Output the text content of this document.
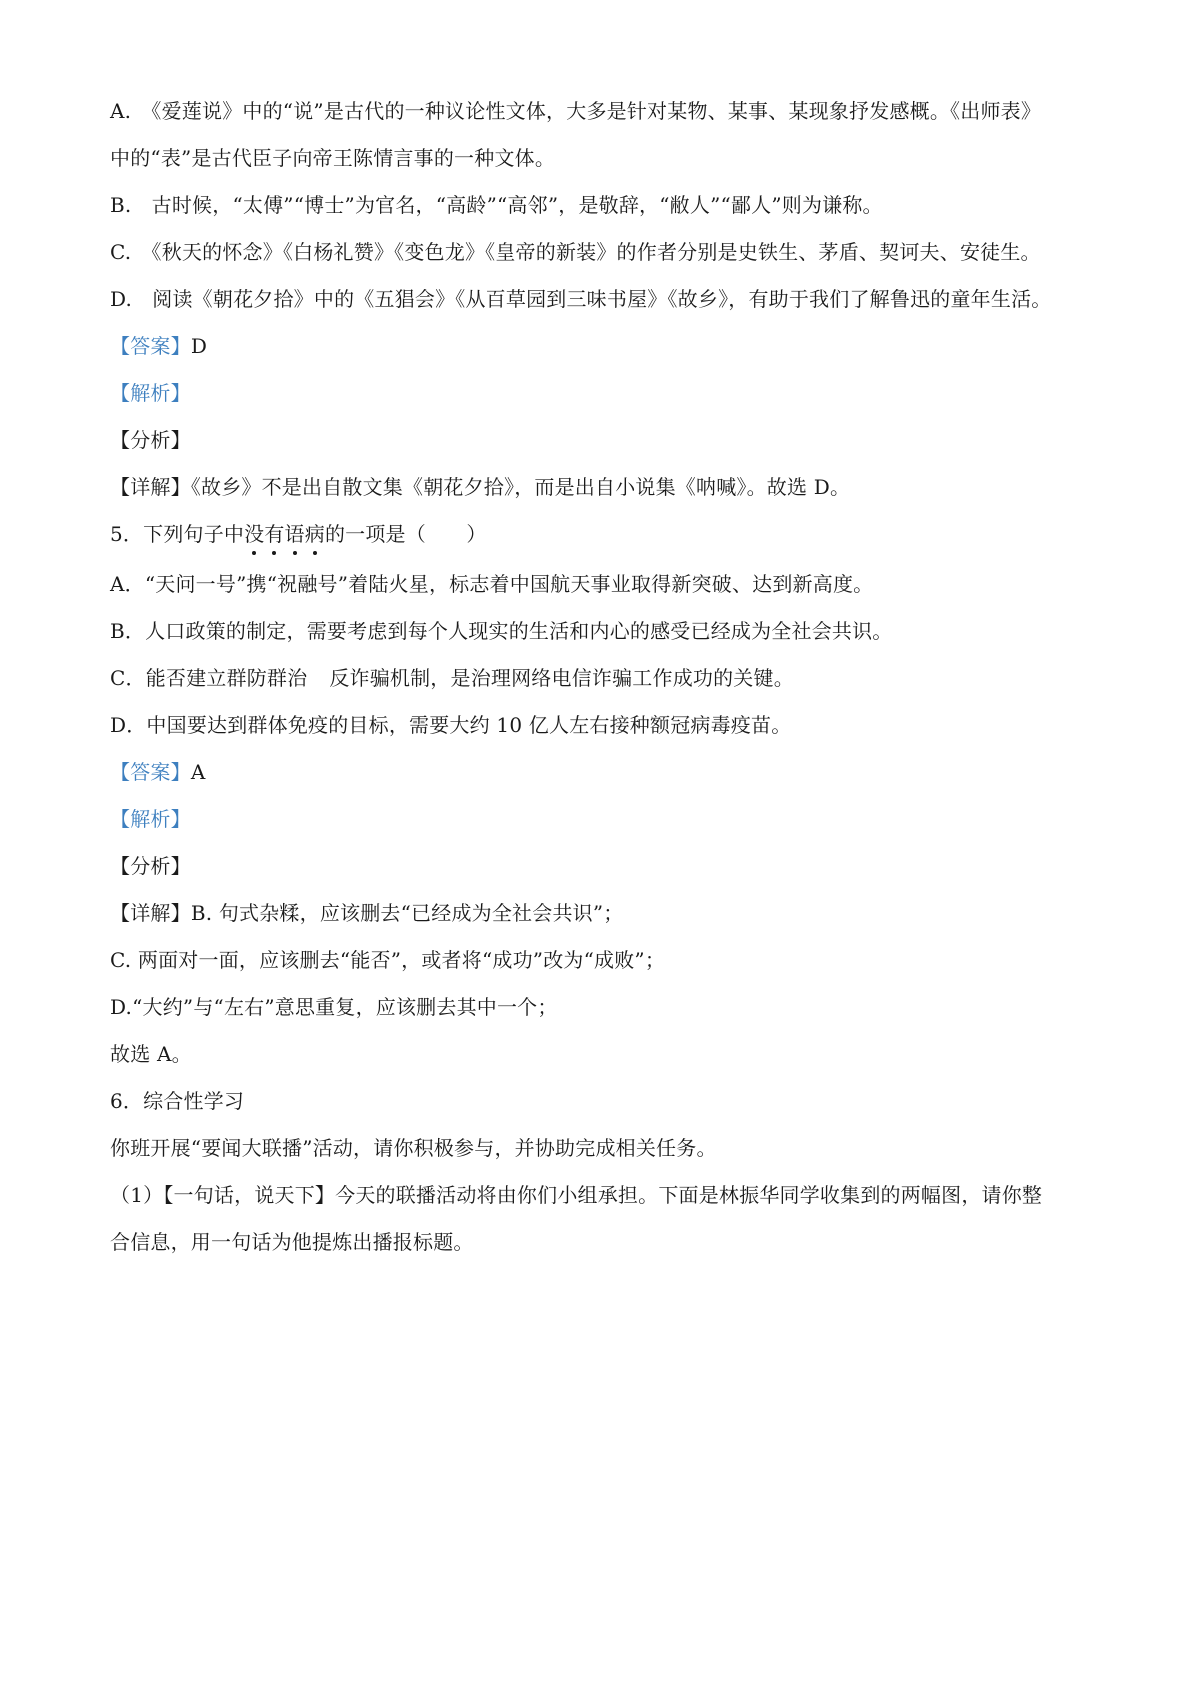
A.　《爱莲说》中的“说”是古代的一种议论性文体，大多是针对某物、某事、某现象抒发感概。《出师表》
中的“表”是古代臣子向帝王陈情言事的一种文体。
B.　古时候，“太傅”“博士”为官名，“高龄”“高邻”，是敬辞，“敝人”“鄙人”则为谦称。
C.　《秋天的怀念》《白杨礼赞》《变色龙》《皇帝的新装》的作者分别是史铁生、茅盾、契诃夫、安徒生。
D.　阅读《朝花夕拾》中的《五猖会》《从百草园到三味书屋》《故乡》，有助于我们了解鲁迅的童年生活。
【答案】D
【解析】
【分析】
【详解】《故乡》不是出自散文集《朝花夕拾》，而是出自小说集《呐喊》。故选 D。
5．下列句子中没有语病的一项是（　　）
A．“天问一号”携“祝融号”着陆火星，标志着中国航天事业取得新突破、达到新高度。
B．人口政策的制定，需要考虑到每个人现实的生活和内心的感受已经成为全社会共识。
C．能否建立群防群治 反诈骗机制，是治理网络电信诈骗工作成功的关键。
D．中国要达到群体免疫的目标，需要大约 10 亿人左右接种额冠病毒疫苗。
【答案】A
【解析】
【分析】
【详解】B. 句式杂糅，应该删去“已经成为全社会共识”；
C. 两面对一面，应该删去“能否”，或者将“成功”改为“成败”；
D.“大约”与“左右”意思重复，应该删去其中一个；
故选 A。
6．综合性学习
你班开展“要闻大联播”活动，请你积极参与，并协助完成相关任务。
（1）【一句话，说天下】今天的联播活动将由你们小组承担。下面是林振华同学收集到的两幅图，请你整
合信息，用一句话为他提炼出播报标题。
